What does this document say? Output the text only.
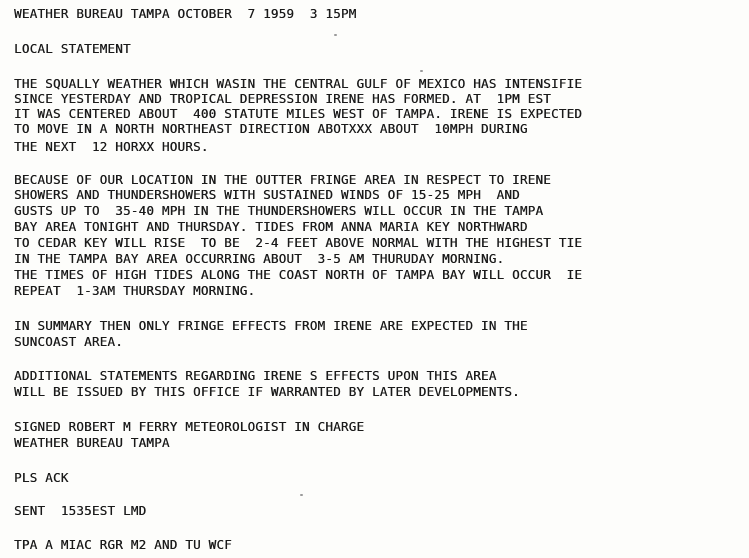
WEATHER BUREAU TAMPA OCTOBER  7 1959  3 15PM

LOCAL STATEMENT

THE SQUALLY WEATHER WHICH WASIN THE CENTRAL GULF OF MEXICO HAS INTENSIFIE

SINCE YESTERDAY AND TROPICAL DEPRESSION IRENE HAS FORMED. AT  1PM EST

IT WAS CENTERED ABOUT  400 STATUTE MILES WEST OF TAMPA. IRENE IS EXPECTED

TO MOVE IN A NORTH NORTHEAST DIRECTION ABOTXXX ABOUT  10MPH DURING

THE NEXT  12 HORXX HOURS.

BECAUSE OF OUR LOCATION IN THE OUTTER FRINGE AREA IN RESPECT TO IRENE

SHOWERS AND THUNDERSHOWERS WITH SUSTAINED WINDS OF 15-25 MPH  AND

GUSTS UP TO  35-40 MPH IN THE THUNDERSHOWERS WILL OCCUR IN THE TAMPA

BAY AREA TONIGHT AND THURSDAY. TIDES FROM ANNA MARIA KEY NORTHWARD

TO CEDAR KEY WILL RISE  TO BE  2-4 FEET ABOVE NORMAL WITH THE HIGHEST TIE

IN THE TAMPA BAY AREA OCCURRING ABOUT  3-5 AM THURUDAY MORNING.

THE TIMES OF HIGH TIDES ALONG THE COAST NORTH OF TAMPA BAY WILL OCCUR  IE

REPEAT  1-3AM THURSDAY MORNING.

IN SUMMARY THEN ONLY FRINGE EFFECTS FROM IRENE ARE EXPECTED IN THE

SUNCOAST AREA.

ADDITIONAL STATEMENTS REGARDING IRENE S EFFECTS UPON THIS AREA

WILL BE ISSUED BY THIS OFFICE IF WARRANTED BY LATER DEVELOPMENTS.

SIGNED ROBERT M FERRY METEOROLOGIST IN CHARGE

WEATHER BUREAU TAMPA

PLS ACK

SENT  1535EST LMD

TPA A MIAC RGR M2 AND TU WCF
